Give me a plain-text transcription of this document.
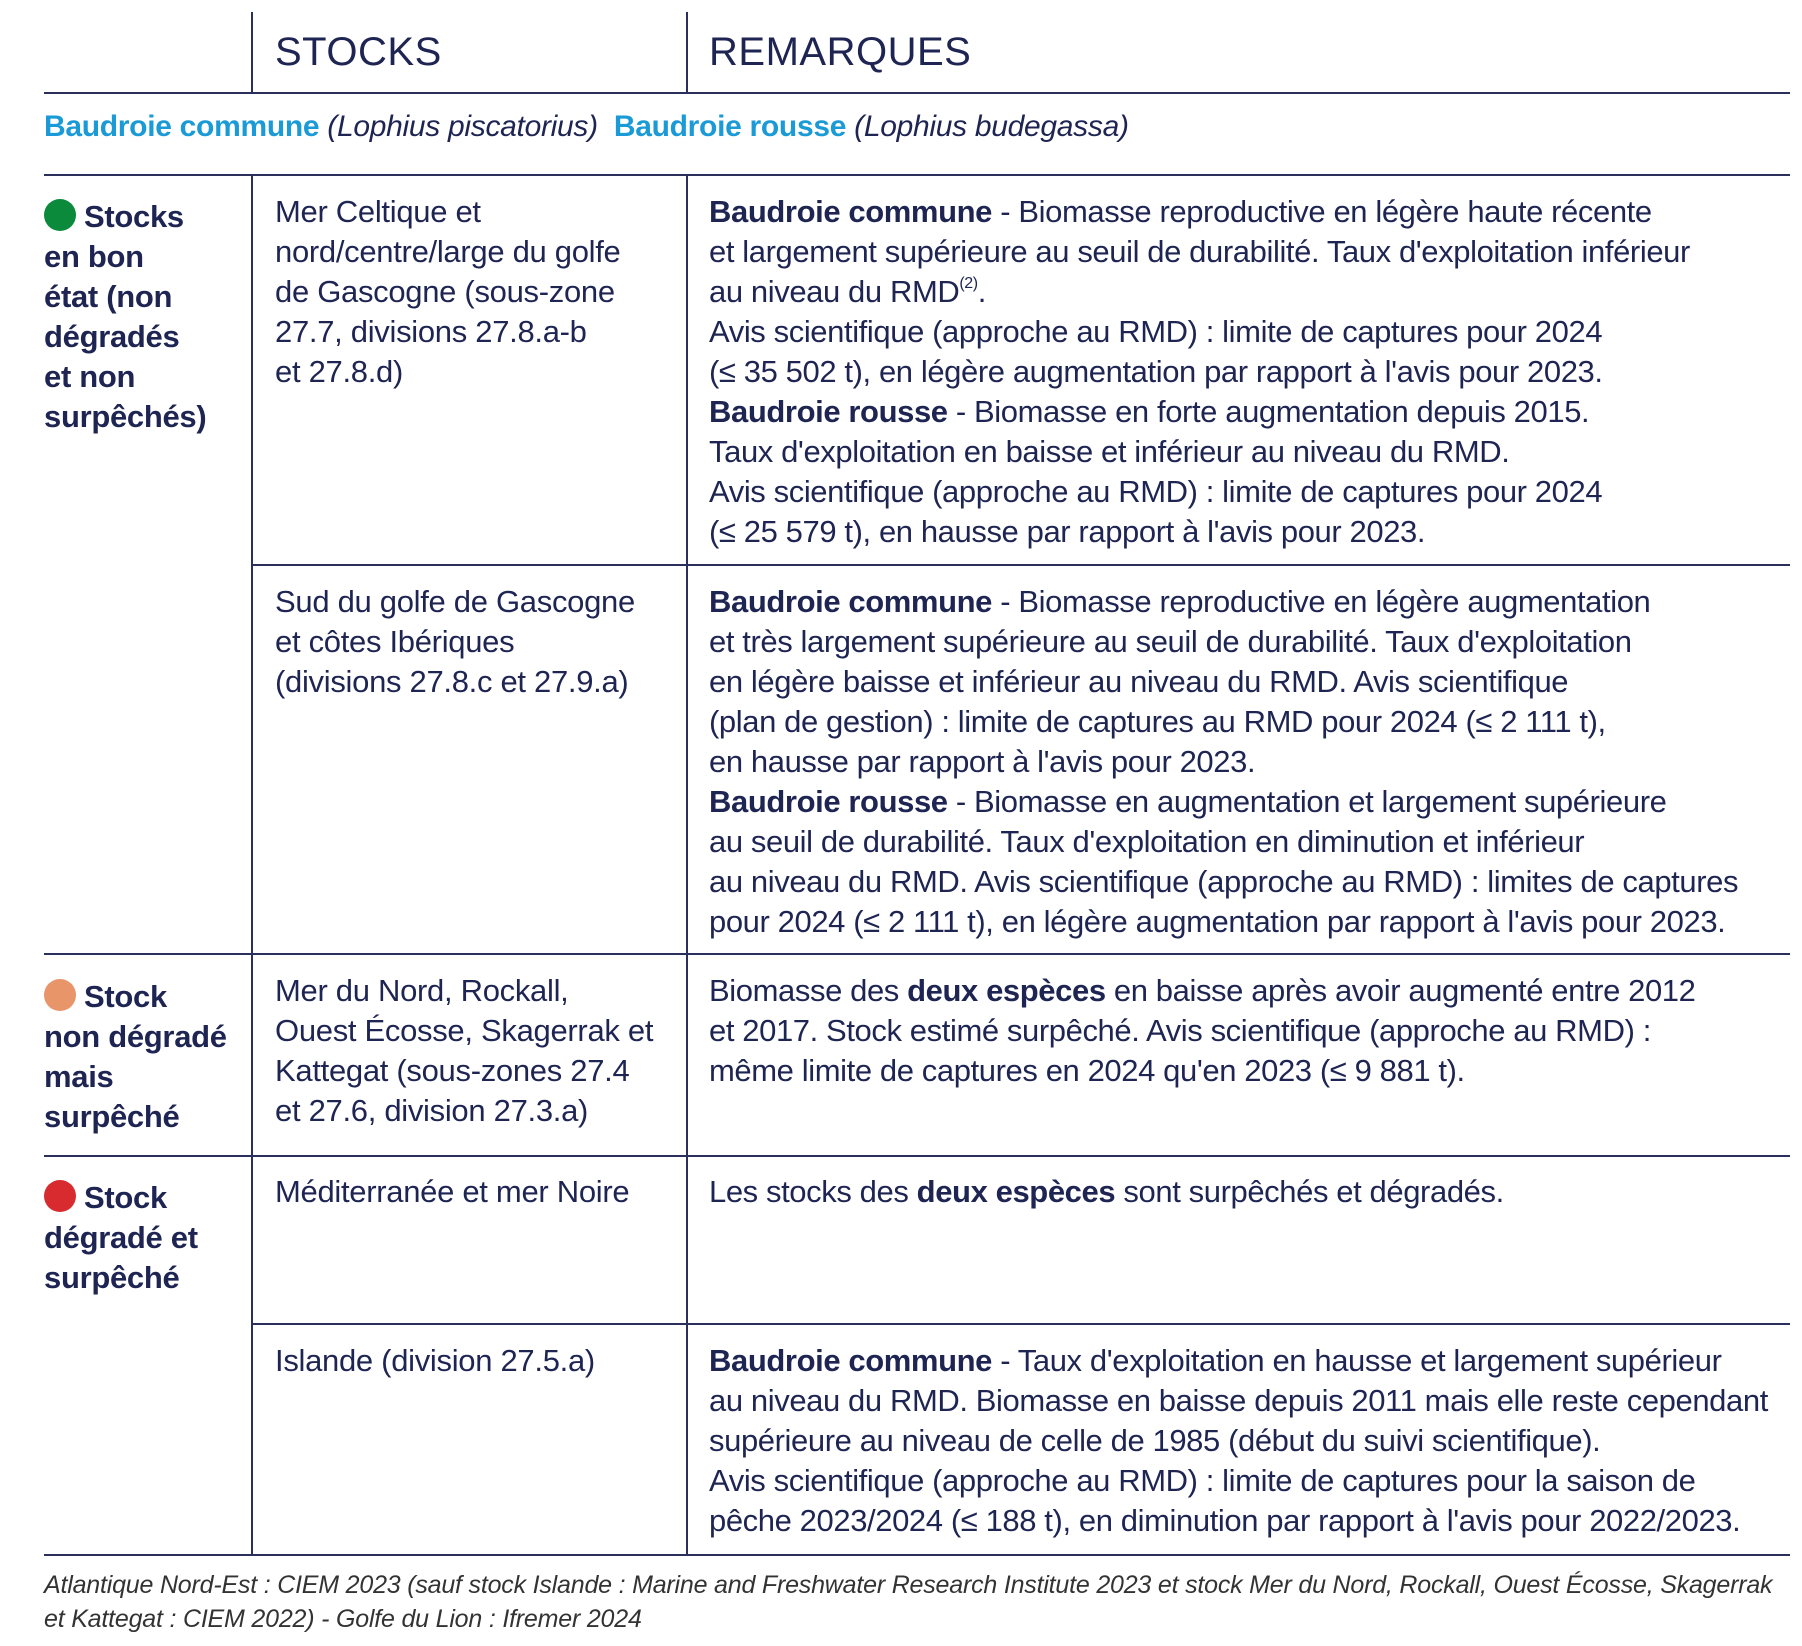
STOCKS	REMARQUES
Baudroie commune (Lophius piscatorius) Baudroie rousse (Lophius budegassa)
Stocks
en bon
état (non
dégradés
et non
surpêchés)
Stock
non dégradé
mais
surpêché
Stock
dégradé et
surpêché
Mer Celtique et
nord/centre/large du golfe
de Gascogne (sous-zone
27.7, divisions 27.8.a-b
et 27.8.d)
Sud du golfe de Gascogne
et côtes Ibériques
(divisions 27.8.c et 27.9.a)
Mer du Nord, Rockall,
Ouest Écosse, Skagerrak et
Kattegat (sous-zones 27.4
et 27.6, division 27.3.a)
Méditerranée et mer Noire
Islande (division 27.5.a)
Baudroie commune - Biomasse reproductive en légère haute récente
et largement supérieure au seuil de durabilité. Taux d'exploitation inférieur
au niveau du RMD$^{(2)}$.
Avis scientifique (approche au RMD) : limite de captures pour 2024
(≤ 35 502 t), en légère augmentation par rapport à l'avis pour 2023.
Baudroie rousse - Biomasse en forte augmentation depuis 2015.
Taux d'exploitation en baisse et inférieur au niveau du RMD.
Avis scientifique (approche au RMD) : limite de captures pour 2024
(≤ 25 579 t), en hausse par rapport à l'avis pour 2023.
Baudroie commune - Biomasse reproductive en légère augmentation
et très largement supérieure au seuil de durabilité. Taux d'exploitation
en légère baisse et inférieur au niveau du RMD. Avis scientifique
(plan de gestion) : limite de captures au RMD pour 2024 (≤ 2 111 t),
en hausse par rapport à l'avis pour 2023.
Baudroie rousse - Biomasse en augmentation et largement supérieure
au seuil de durabilité. Taux d'exploitation en diminution et inférieur
au niveau du RMD. Avis scientifique (approche au RMD) : limites de captures
pour 2024 (≤ 2 111 t), en légère augmentation par rapport à l'avis pour 2023.
Biomasse des deux espèces en baisse après avoir augmenté entre 2012
et 2017. Stock estimé surpêché. Avis scientifique (approche au RMD) :
même limite de captures en 2024 qu'en 2023 (≤ 9 881 t).
Les stocks des deux espèces sont surpêchés et dégradés.
Baudroie commune - Taux d'exploitation en hausse et largement supérieur
au niveau du RMD. Biomasse en baisse depuis 2011 mais elle reste cependant
supérieure au niveau de celle de 1985 (début du suivi scientifique).
Avis scientifique (approche au RMD) : limite de captures pour la saison de
pêche 2023/2024 (≤ 188 t), en diminution par rapport à l'avis pour 2022/2023.
Atlantique Nord-Est : CIEM 2023 (sauf stock Islande : Marine and Freshwater Research Institute 2023 et stock Mer du Nord, Rockall, Ouest Écosse, Skagerrak et Kattegat : CIEM 2022) - Golfe du Lion : Ifremer 2024
